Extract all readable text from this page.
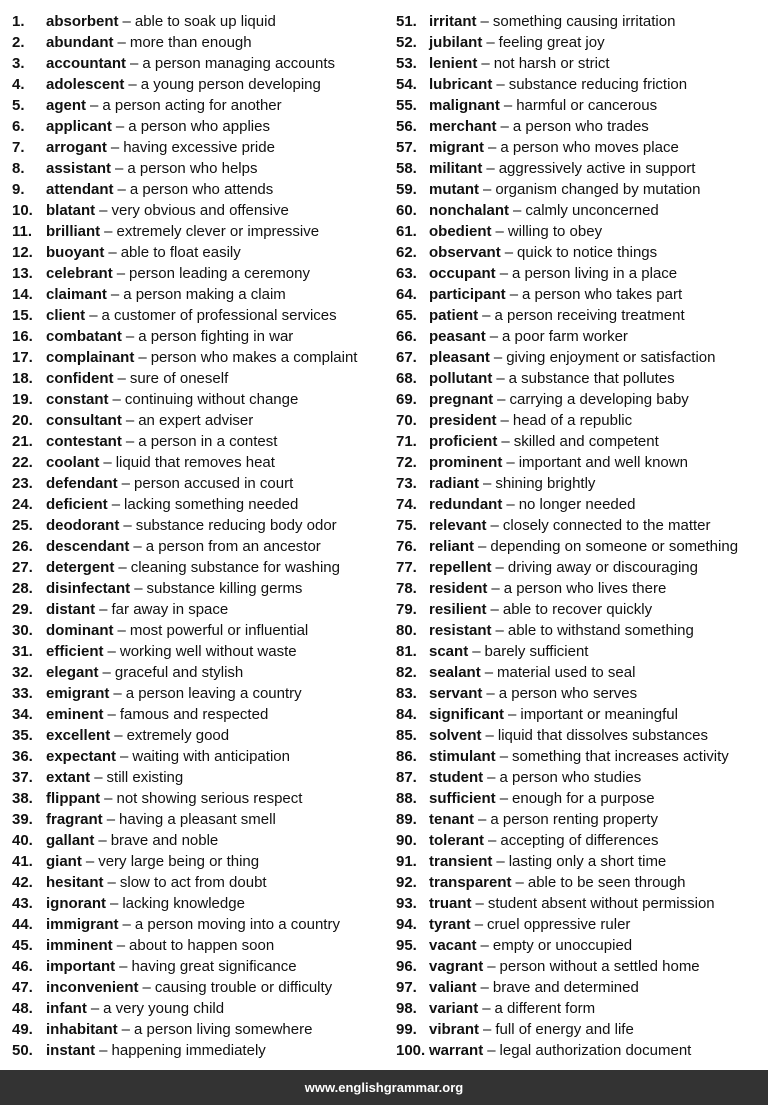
1.	absorbent – able to soak up liquid
2.	abundant – more than enough
3.	accountant – a person managing accounts
4.	adolescent – a young person developing
5.	agent – a person acting for another
6.	applicant – a person who applies
7.	arrogant – having excessive pride
8.	assistant – a person who helps
9.	attendant – a person who attends
10. blatant – very obvious and offensive
11. brilliant – extremely clever or impressive
12. buoyant – able to float easily
13. celebrant – person leading a ceremony
14. claimant – a person making a claim
15. client – a customer of professional services
16. combatant – a person fighting in war
17. complainant – person who makes a complaint
18. confident – sure of oneself
19. constant – continuing without change
20. consultant – an expert adviser
21. contestant – a person in a contest
22. coolant – liquid that removes heat
23. defendant – person accused in court
24. deficient – lacking something needed
25. deodorant – substance reducing body odor
26. descendant – a person from an ancestor
27. detergent – cleaning substance for washing
28. disinfectant – substance killing germs
29. distant – far away in space
30. dominant – most powerful or influential
31. efficient – working well without waste
32. elegant – graceful and stylish
33. emigrant – a person leaving a country
34. eminent – famous and respected
35. excellent – extremely good
36. expectant – waiting with anticipation
37. extant – still existing
38. flippant – not showing serious respect
39. fragrant – having a pleasant smell
40. gallant – brave and noble
41. giant – very large being or thing
42. hesitant – slow to act from doubt
43. ignorant – lacking knowledge
44. immigrant – a person moving into a country
45. imminent – about to happen soon
46. important – having great significance
47. inconvenient – causing trouble or difficulty
48. infant – a very young child
49. inhabitant – a person living somewhere
50. instant – happening immediately
51. irritant – something causing irritation
52. jubilant – feeling great joy
53. lenient – not harsh or strict
54. lubricant – substance reducing friction
55. malignant – harmful or cancerous
56. merchant – a person who trades
57. migrant – a person who moves place
58. militant – aggressively active in support
59. mutant – organism changed by mutation
60. nonchalant – calmly unconcerned
61. obedient – willing to obey
62. observant – quick to notice things
63. occupant – a person living in a place
64. participant – a person who takes part
65. patient – a person receiving treatment
66. peasant – a poor farm worker
67. pleasant – giving enjoyment or satisfaction
68. pollutant – a substance that pollutes
69. pregnant – carrying a developing baby
70. president – head of a republic
71. proficient – skilled and competent
72. prominent – important and well known
73. radiant – shining brightly
74. redundant – no longer needed
75. relevant – closely connected to the matter
76. reliant – depending on someone or something
77. repellent – driving away or discouraging
78. resident – a person who lives there
79. resilient – able to recover quickly
80. resistant – able to withstand something
81. scant – barely sufficient
82. sealant – material used to seal
83. servant – a person who serves
84. significant – important or meaningful
85. solvent – liquid that dissolves substances
86. stimulant – something that increases activity
87. student – a person who studies
88. sufficient – enough for a purpose
89. tenant – a person renting property
90. tolerant – accepting of differences
91. transient – lasting only a short time
92. transparent – able to be seen through
93. truant – student absent without permission
94. tyrant – cruel oppressive ruler
95. vacant – empty or unoccupied
96. vagrant – person without a settled home
97. valiant – brave and determined
98. variant – a different form
99. vibrant – full of energy and life
100. warrant – legal authorization document
www.englishgrammar.org
